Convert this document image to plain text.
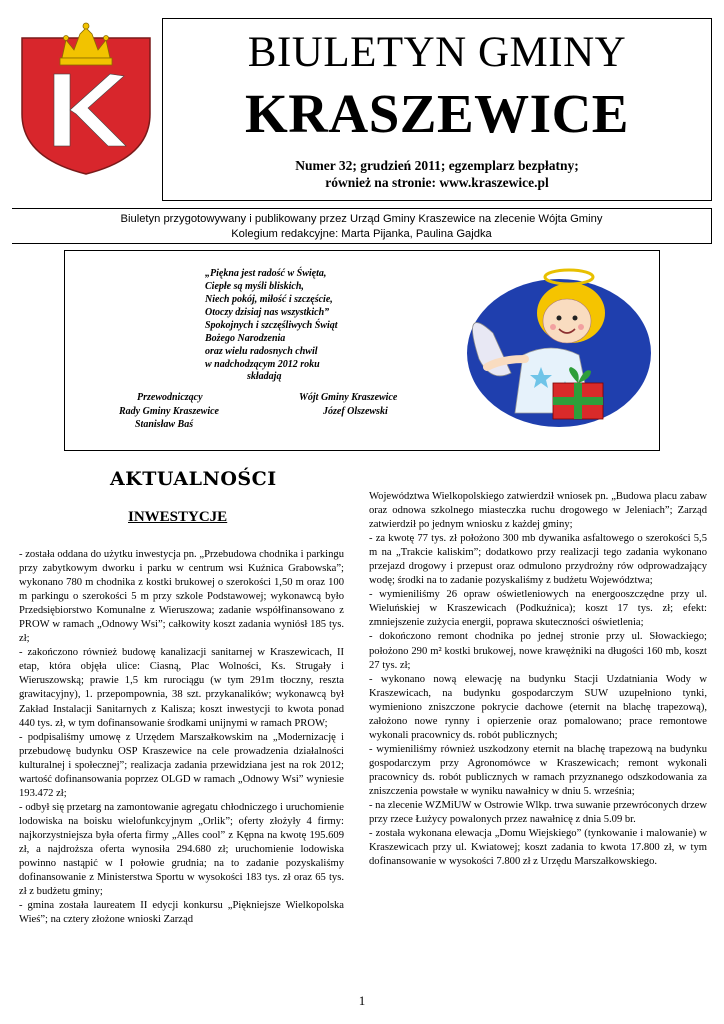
BIULETYN GMINY
KRASZEWICE
Numer 32; grudzień 2011; egzemplarz bezpłatny;
również na stronie: www.kraszewice.pl
Biuletyn przygotowywany i publikowany przez Urząd Gminy Kraszewice na zlecenie Wójta Gminy
Kolegium redakcyjne: Marta Pijanka, Paulina Gajdka
„Piękna jest radość w Święta,
Ciepłe są myśli bliskich,
Niech pokój, miłość i szczęście,
Otoczy dzisiaj nas wszystkich”
Spokojnych i szczęśliwych Świąt
Bożego Narodzenia
oraz wielu radosnych chwil
w nadchodzącym 2012 roku
składają
Przewodniczący
Rady Gminy Kraszewice
Stanisław Baś
Wójt Gminy Kraszewice
Józef Olszewski
AKTUALNOŚCI
INWESTYCJE

- została oddana do użytku inwestycja pn. „Przebudowa chodnika i parkingu przy zabytkowym dworku i parku w centrum wsi Kuźnica Grabowska”; wykonano 780 m chodnika z kostki brukowej o szerokości 1,50 m oraz 100 m parkingu o szerokości 5 m przy szkole Podstawowej; wykonawcą było Przedsiębiorstwo Komunalne z Wieruszowa; zadanie współfinansowano z PROW w ramach „Odnowy Wsi”; całkowity koszt zadania wyniósł 185 tys. zł;

- zakończono również budowę kanalizacji sanitarnej w Kraszewicach, II etap, która objęła ulice: Ciasną, Plac Wolności, Ks. Strugały i Wieruszowską; prawie 1,5 km rurociągu (w tym 291m tłoczny, reszta grawitacyjny), 1. przepompownia, 38 szt. przykanalików; wykonawcą był Zakład Instalacji Sanitarnych z Kalisza; koszt inwestycji to kwota ponad 440 tys. zł, w tym dofinansowanie środkami unijnymi w ramach PROW;

- podpisaliśmy umowę z Urzędem Marszałkowskim na „Modernizację i przebudowę budynku OSP Kraszewice na cele prowadzenia działalności kulturalnej i społecznej”; realizacja zadania przewidziana jest na rok 2012; wartość dofinansowania poprzez OLGD w ramach „Odnowy Wsi” wyniesie 193.472 zł;

- odbył się przetarg na zamontowanie agregatu chłodniczego i uruchomienie lodowiska na boisku wielofunkcyjnym „Orlik”; oferty złożyły 4 firmy: najkorzystniejsza była oferta firmy „Alles cool” z Kępna na kwotę 195.609 zł, a najdroższa oferta wynosiła 294.680 zł; uruchomienie lodowiska powinno nastąpić w I połowie grudnia; na to zadanie pozyskaliśmy dofinansowanie z Ministerstwa Sportu w wysokości 183 tys. zł oraz 65 tys. zł z budżetu gminy;

- gmina została laureatem II edycji konkursu „Piękniejsze Wielkopolska Wieś”; na cztery złożone wnioski Zarząd

Województwa Wielkopolskiego zatwierdził wniosek pn. „Budowa placu zabaw oraz odnowa szkolnego miasteczka ruchu drogowego w Jeleniach”; Zarząd zatwierdził po jednym wniosku z każdej gminy;

- za kwotę 77 tys. zł położono 300 mb dywanika asfaltowego o szerokości 5,5 m na „Trakcie kaliskim”; dodatkowo przy realizacji tego zadania wykonano przejazd drogowy i przepust oraz odmulono przydrożny rów odprowadzający wodę; środki na to zadanie pozyskaliśmy z budżetu Województwa;

- wymieniliśmy 26 opraw oświetleniowych na energooszczędne przy ul. Wieluńskiej w Kraszewicach (Podkuźnica); koszt 17 tys. zł; efekt: zmniejszenie zużycia energii, poprawa skuteczności oświetlenia;

- dokończono remont chodnika po jednej stronie przy ul. Słowackiego; położono 290 m² kostki brukowej, nowe krawężniki na długości 160 mb, koszt 27 tys. zł;

- wykonano nową elewację na budynku Stacji Uzdatniania Wody w Kraszewicach, na budynku gospodarczym SUW uzupełniono tynki, wymieniono zniszczone pokrycie dachowe (eternit na blachę trapezową), założono nowe rynny i opierzenie oraz pomalowano; prace remontowe wykonali pracownicy ds. robót publicznych;

- wymieniliśmy również uszkodzony eternit na blachę trapezową na budynku gospodarczym przy Agronomówce w Kraszewicach; remont wykonali pracownicy ds. robót publicznych w ramach przyznanego odszkodowania za zniszczenia powstałe w wyniku nawałnicy w dniu 5. września;

- na zlecenie WZMiUW w Ostrowie Wlkp. trwa suwanie przewróconych drzew przy rzece Łużycy powalonych przez nawałnicę z dnia 5.09 br.

- została wykonana elewacja „Domu Wiejskiego” (tynkowanie i malowanie) w Kraszewicach przy ul. Kwiatowej; koszt zadania to kwota 17.800 zł, w tym dofinansowanie w wysokości 7.800 zł z Urzędu Marszałkowskiego.

1
